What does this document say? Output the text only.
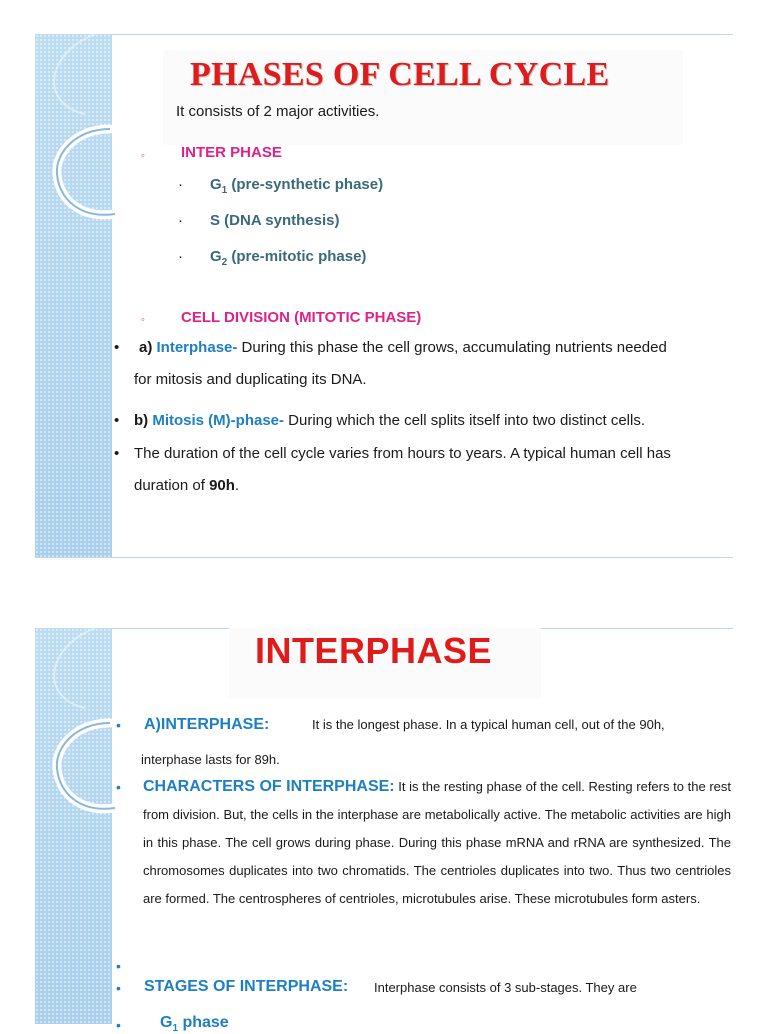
PHASES OF CELL CYCLE
It consists of 2 major activities.
◦ INTER PHASE
· $G_1$ (pre-synthetic phase)
· S (DNA synthesis)
· $G_2$ (pre-mitotic phase)
◦ CELL DIVISION (MITOTIC PHASE)
• a) Interphase- During this phase the cell grows, accumulating nutrients needed
for mitosis and duplicating its DNA.
• b) Mitosis (M)-phase- During which the cell splits itself into two distinct cells.
• The duration of the cell cycle varies from hours to years. A typical human cell has
duration of 90h.
INTERPHASE
• A)INTERPHASE:	It is the longest phase. In a typical human cell, out of the 90h,
interphase lasts for 89h.
• CHARACTERS OF INTERPHASE: It is the resting phase of the cell. Resting refers to the rest from division. But, the cells in the interphase are metabolically active. The metabolic activities are high in this phase. The cell grows during phase. During this phase mRNA and rRNA are synthesized. The chromosomes duplicates into two chromatids. The centrioles duplicates into two. Thus two centrioles are formed. The centrospheres of centrioles, microtubules arise. These microtubules form asters.
•
• STAGES OF INTERPHASE: Interphase consists of 3 sub-stages. They are
• $G_1$ phase
